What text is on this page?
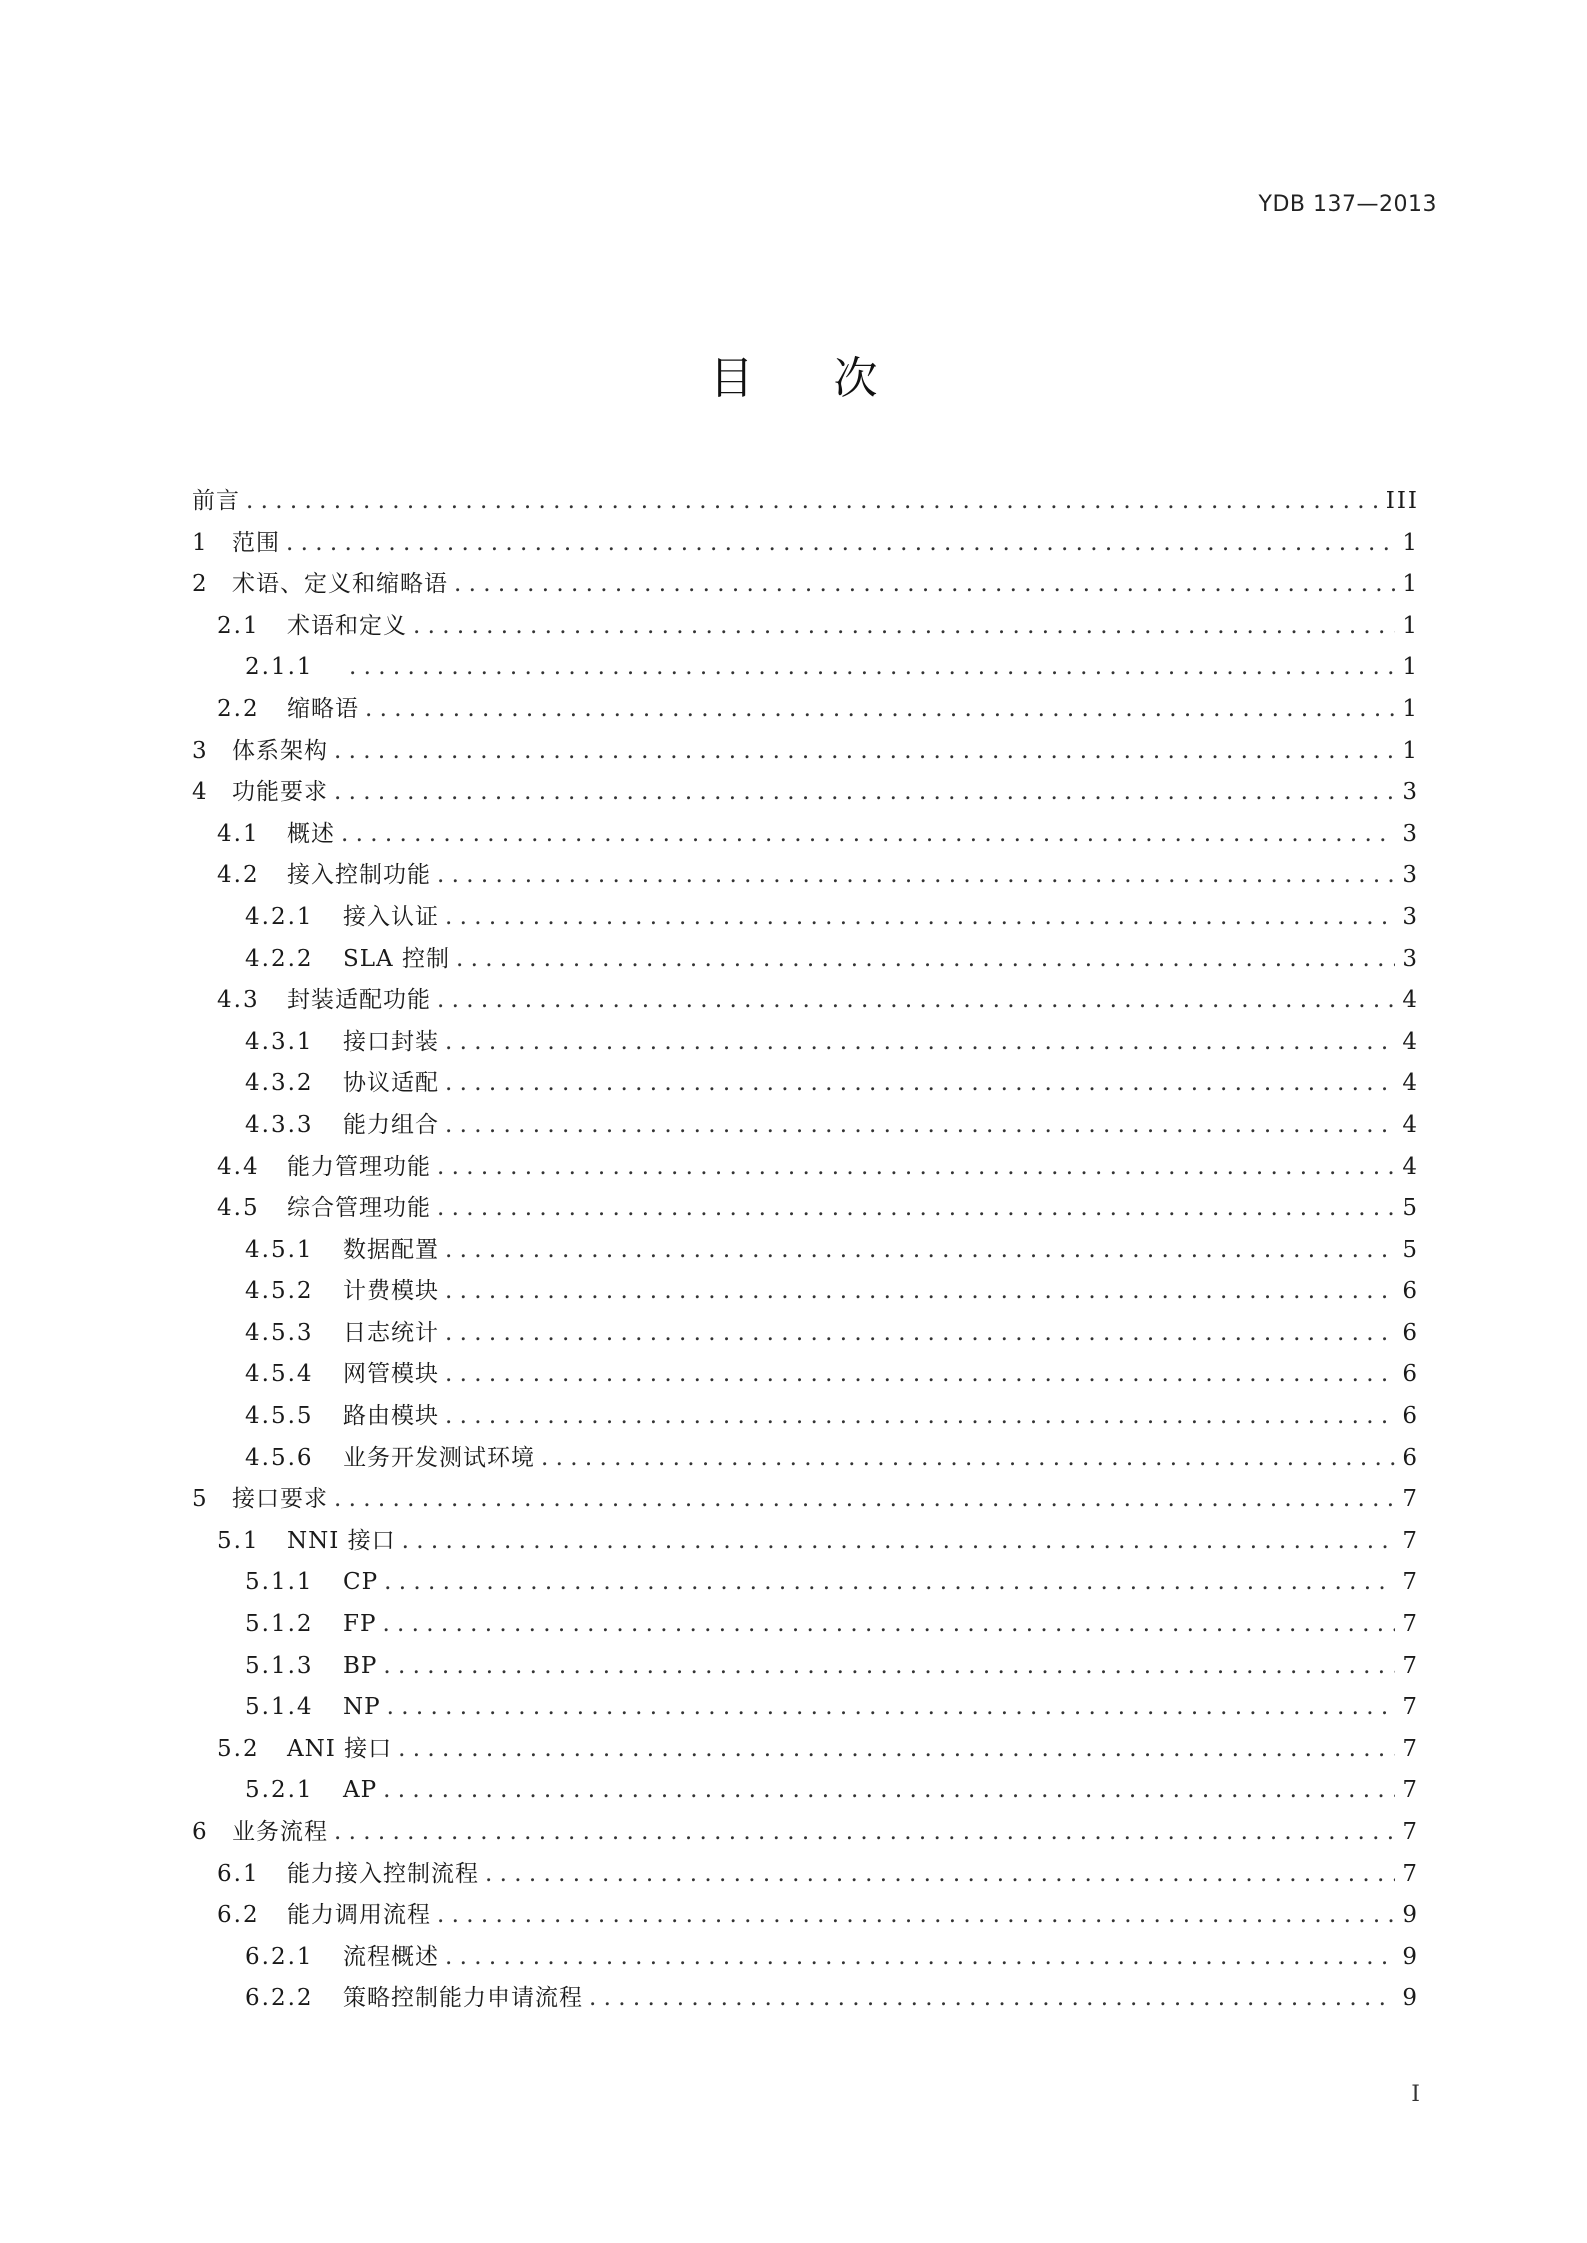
YDB 137—2013
目次
前言 . . .	III
1	范围 . . .	1
2	术语、定义和缩略语 . . .	1
2.1	术语和定义 . . .	1
2.1.1 . . .	1
2.2	缩略语 . . .	1
3	体系架构 . . .	1
4	功能要求 . . .	3
4.1	概述 . . .	3
4.2	接入控制功能 . . .	3
4.2.1	接入认证 . . .	3
4.2.2	SLA 控制 . . .	3
4.3	封装适配功能 . . .	4
4.3.1	接口封装 . . .	4
4.3.2	协议适配 . . .	4
4.3.3	能力组合 . . .	4
4.4	能力管理功能 . . .	4
4.5	综合管理功能 . . .	5
4.5.1	数据配置 . . .	5
4.5.2	计费模块 . . .	6
4.5.3	日志统计 . . .	6
4.5.4	网管模块 . . .	6
4.5.5	路由模块 . . .	6
4.5.6	业务开发测试环境 . . .	6
5	接口要求 . . .	7
5.1	NNI 接口 . . .	7
5.1.1	CP . . .	7
5.1.2	FP . . .	7
5.1.3	BP . . .	7
5.1.4	NP . . .	7
5.2	ANI 接口 . . .	7
5.2.1	AP . . .	7
6	业务流程 . . .	7
6.1	能力接入控制流程 . . .	7
6.2	能力调用流程 . . .	9
6.2.1	流程概述 . . .	9
6.2.2	策略控制能力申请流程 . . .	9
I
